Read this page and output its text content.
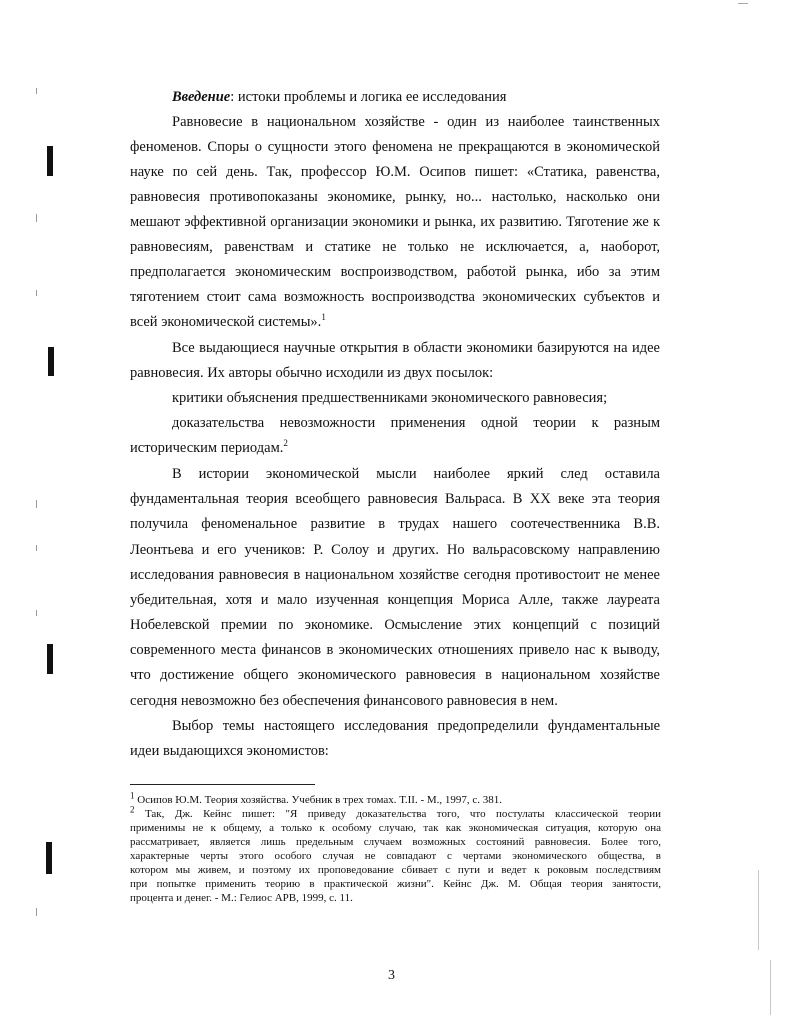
Введение: истоки проблемы и логика ее исследования
Равновесие в национальном хозяйстве - один из наиболее таинственных
феноменов. Споры о сущности этого феномена не прекращаются в экономической
науке по сей день. Так, профессор Ю.М. Осипов пишет: «Статика, равенства,
равновесия противопоказаны экономике, рынку, но... настолько, насколько они
мешают эффективной организации экономики и рынка, их развитию. Тяготение же к
равновесиям, равенствам и статике не только не исключается, а, наоборот,
предполагается экономическим воспроизводством, работой рынка, ибо за этим
тяготением стоит сама возможность воспроизводства экономических субъектов и
всей экономической системы».$^1$
Все выдающиеся научные открытия в области экономики базируются на идее
равновесия. Их авторы обычно исходили из двух посылок:
критики объяснения предшественниками экономического равновесия;
доказательства невозможности применения одной теории к разным
историческим периодам.$^2$
В истории экономической мысли наиболее яркий след оставила
фундаментальная теория всеобщего равновесия Вальраса. В XX веке эта теория
получила феноменальное развитие в трудах нашего соотечественника В.В.
Леонтьева и его учеников: Р. Солоу и других. Но вальрасовскому направлению
исследования равновесия в национальном хозяйстве сегодня противостоит не менее
убедительная, хотя и мало изученная концепция Мориса Алле, также лауреата
Нобелевской премии по экономике. Осмысление этих концепций с позиций
современного места финансов в экономических отношениях привело нас к выводу,
что достижение общего экономического равновесия в национальном хозяйстве
сегодня невозможно без обеспечения финансового равновесия в нем.
Выбор темы настоящего исследования предопределили фундаментальные
идеи выдающихся экономистов:
$^1$ Осипов Ю.М. Теория хозяйства. Учебник в трех томах. Т.II. - М., 1997, с. 381.
$^2$ Так, Дж. Кейнс пишет: "Я приведу доказательства того, что постулаты классической теории
применимы не к общему, а только к особому случаю, так как экономическая ситуация, которую она
рассматривает, является лишь предельным случаем возможных состояний равновесия. Более того,
характерные черты этого особого случая не совпадают с чертами экономического общества, в
котором мы живем, и поэтому их проповедование сбивает с пути и ведет к роковым последствиям
при попытке применить теорию в практической жизни". Кейнс Дж. М. Общая теория занятости,
процента и денег. - М.: Гелиос АРВ, 1999, с. 11.
3
